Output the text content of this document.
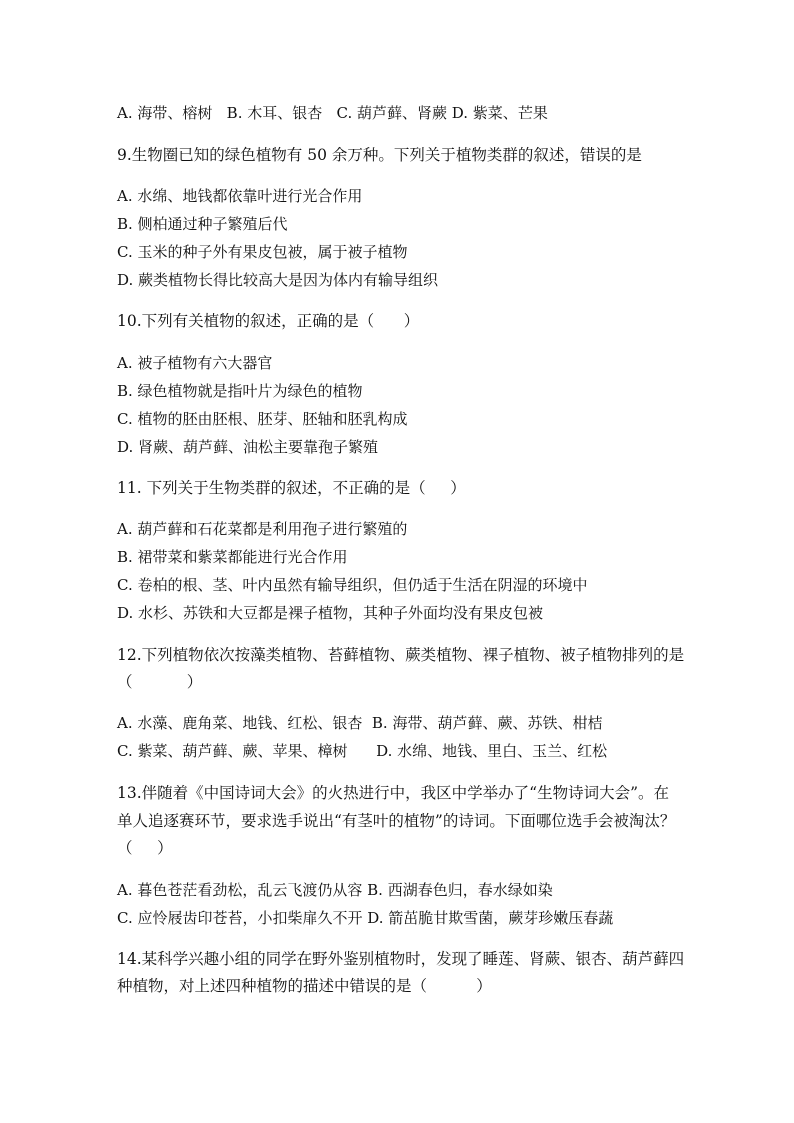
A. 海带、榕树   B. 木耳、银杏   C. 葫芦藓、肾蕨 D. 紫菜、芒果
9.生物圈已知的绿色植物有 50 余万种。下列关于植物类群的叙述，错误的是
A. 水绵、地钱都依靠叶进行光合作用
B. 侧柏通过种子繁殖后代
C. 玉米的种子外有果皮包被，属于被子植物
D. 蕨类植物长得比较高大是因为体内有输导组织
10.下列有关植物的叙述，正确的是（      ）
A. 被子植物有六大器官
B. 绿色植物就是指叶片为绿色的植物
C. 植物的胚由胚根、胚芽、胚轴和胚乳构成
D. 肾蕨、葫芦藓、油松主要靠孢子繁殖
11. 下列关于生物类群的叙述，不正确的是（     ）
A. 葫芦藓和石花菜都是利用孢子进行繁殖的
B. 裙带菜和紫菜都能进行光合作用
C. 卷柏的根、茎、叶内虽然有输导组织，但仍适于生活在阴湿的环境中
D. 水杉、苏铁和大豆都是裸子植物，其种子外面均没有果皮包被
12.下列植物依次按藻类植物、苔藓植物、蕨类植物、裸子植物、被子植物排列的是
（           ）
A. 水藻、鹿角菜、地钱、红松、银杏  B. 海带、葫芦藓、蕨、苏铁、柑桔
C. 紫菜、葫芦藓、蕨、苹果、樟树      D. 水绵、地钱、里白、玉兰、红松
13.伴随着《中国诗词大会》的火热进行中，我区中学举办了“生物诗词大会”。在
单人追逐赛环节，要求选手说出“有茎叶的植物”的诗词。下面哪位选手会被淘汰？
（     ）
A. 暮色苍茫看劲松，乱云飞渡仍从容 B. 西湖春色归，春水绿如染
C. 应怜屐齿印苍苔，小扣柴扉久不开 D. 箭茁脆甘欺雪菌，蕨芽珍嫩压春蔬
14.某科学兴趣小组的同学在野外鉴别植物时，发现了睡莲、肾蕨、银杏、葫芦藓四
种植物，对上述四种植物的描述中错误的是（          ）
